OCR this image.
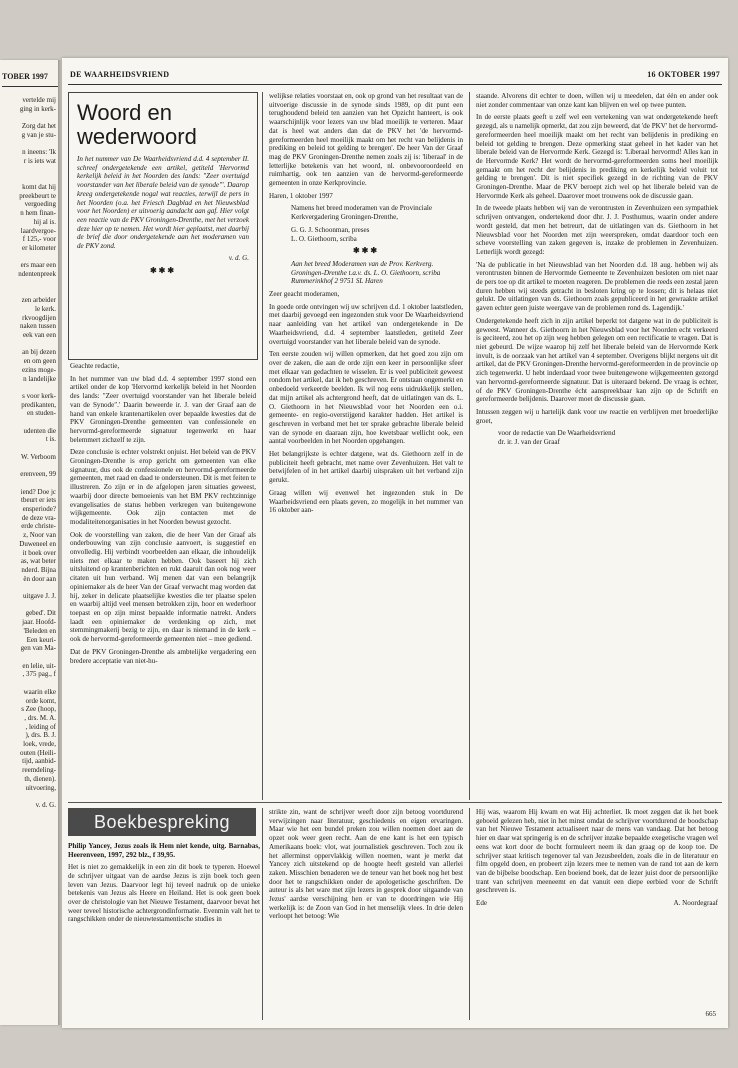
TOBER 1997
vertelde mij
ging in kerk-

Zorg dat het
g van je stu-

n ineens: 'Ik
r is iets wat

komt dat hij
preekbeurt te
vergoeding
n hem finan-
hij al is.
laardvergoe-
f 125,- voor
er kilometer

ers maar een
ndentenpreek

zen arbeider
le kerk.
rkvoogdijen
naken tussen
eek van een

an bij dezen
en om geen
ezins moge-
n landelijke

s voor kerk-
predikanten,
en studen-

udenten die
t is.

W. Verboom

erenveen, 99

iend? Doe jc
tbeurt er iets
ensperiode?
de deze vra-
erde christe-
z, Noor van
Duweneel en
it boek over
as, wat beter
nderd. Bijna
ën door aan

uitgave J. J.

gebed'. Dit
jaar. Hoofd-
'Beleden en
Een keuri-
gen van Ma-

en lelie, uit-
, 375 pag., f

waarin elke
orde komt,
s Zee (hoop,
, drs. M. A.
, leiding of
), drs. B. J.
loek, vrede,
outen (Heili-
tijd, aanbid-
reemdeling-
th, dienen).
uitvoering,

v. d. G.
DE WAARHEIDSVRIEND	16 OKTOBER 1997
Woord en wederwoord
In het nummer van De Waarheidsvriend d.d. 4 september II. schreef ondergetekende een artikel, getiteld 'Hervormd kerkelijk beleid in het Noorden des lands: "Zeer overtuigd voorstander van het liberale beleid van de synode"'. Daarop kreeg ondergetekende nogal wat reacties, terwijl de pers in het Noorden (o.a. het Friesch Dagblad en het Nieuwsblad voor het Noorden) er uitvoerig aandacht aan gaf. Hier volgt een reactie van de PKV Groningen-Drenthe, met het verzoek deze hier op te nemen. Het wordt hier geplaatst, met daarbij de brief die door ondergetekende aan het moderamen van de PKV zond.
v. d. G.
✱✱✱

Geachte redactie,

In het nummer van uw blad d.d. 4 september 1997 stond een artikel onder de kop 'Hervormd kerkelijk beleid in het Noorden des lands: "Zeer overtuigd voorstander van het liberale beleid van de Synode".' Daarin beweerde ir. J. van der Graaf aan de hand van enkele krantenartikelen over bepaalde kwesties dat de PKV Groningen-Drenthe gemeenten van confessionele en hervormd-gereformeerde signatuur tegenwerkt en haar belemmert zichzelf te zijn.

Deze conclusie is echter volstrekt onjuist. Het beleid van de PKV Groningen-Drenthe is erop gericht om gemeenten van elke signatuur, dus ook de confessionele en hervormd-gereformeerde gemeenten, met raad en daad te ondersteunen. Dit is met feiten te illustreren. Zo zijn er in de afgelopen jaren situaties geweest, waarbij door directe bemoeienis van het BM PKV rechtzinnige evangelisaties de status hebben verkregen van buitengewone wijkgemeente. Ook zijn contacten met de modaliteitenorganisaties in het Noorden bewust gezocht.

Ook de voorstelling van zaken, die de heer Van der Graaf als onderbouwing van zijn conclusie aanvoert, is suggestief en onvolledig. Hij verbindt voorbeelden aan elkaar, die inhoudelijk niets met elkaar te maken hebben. Ook baseert hij zich uitsluitend op krantenberichten en rukt daaruit dan ook nog weer citaten uit hun verband. Wij menen dat van een belangrijk opiniemaker als de heer Van der Graaf verwacht mag worden dat hij, zeker in delicate plaatselijke kwesties die ter plaatse spelen en waarbij altijd veel mensen betrokken zijn, hoor en wederhoor toepast en op zijn minst bepaalde informatie natrekt. Anders laadt een opiniemaker de verdenking op zich, met stemmingmakerij bezig te zijn, en daar is niemand in de kerk – ook de hervormd-gereformeerde gemeenten niet – mee gediend.

Dat de PKV Groningen-Drenthe als ambtelijke vergadering een bredere acceptatie van niet-hu-

welijkse relaties voorstaat en, ook op grond van het resultaat van de uitvoerige discussie in de synode sinds 1989, op dit punt een terughoudend beleid ten aanzien van het Opzicht hanteert, is ook waarschijnlijk voor lezers van uw blad moeilijk te verteren. Maar dat is heel wat anders dan dat de PKV het 'de hervormd-gereformeerden heel moeilijk maakt om het recht van belijdenis in prediking en beleid tot gelding te brengen'. De heer Van der Graaf mag de PKV Groningen-Drenthe nemen zoals zij is: 'liberaal' in de letterlijke betekenis van het woord, nl. onbevooroordeeld en ruimhartig, ook ten aanzien van de hervormd-gereformeerde gemeenten in onze Kerkprovincie.

Haren, 1 oktober 1997

Namens het breed moderamen van de Provinciale Kerkvergadering Groningen-Drenthe,

G. G. J. Schoonman, preses
L. O. Giethoorn, scriba

✱✱✱

Aan het breed Moderamen van de Prov. Kerkverg. Groningen-Drenthe t.a.v. ds. L. O. Giethoorn, scriba Rummerinkhof 2 9751 SL Haren

Zeer geacht moderamen,

In goede orde ontvingen wij uw schrijven d.d. 1 oktober laatstleden, met daarbij gevoegd een ingezonden stuk voor De Waarheidsvriend naar aanleiding van het artikel van ondergetekende in De Waarheidsvriend, d.d. 4 september laatstleden, getiteld Zeer overtuigd voorstander van het liberale beleid van de synode.

Ten eerste zouden wij willen opmerken, dat het goed zou zijn om over de zaken, die aan de orde zijn een keer in persoonlijke sfeer met elkaar van gedachten te wisselen. Er is veel publiciteit geweest rondom het artikel, dat ik heb geschreven. Er ontstaan ongemerkt en onbedoeld verkeerde beelden. Ik wil nog eens uidrukkelijk stellen, dat mijn artikel als achtergrond heeft, dat de uitlatingen van ds. L. O. Giethoorn in het Nieuwsblad voor het Noorden een o.i. gemeente- en regio-overstijgend karakter hadden. Het artikel is geschreven in verband met het ter sprake gebrachte liberale beleid van de synode en daaraan zijn, hoe kwetsbaar wellicht ook, een aantal voorbeelden in het Noorden opgehangen.

Het belangrijkste is echter datgene, wat ds. Giethoorn zelf in de publiciteit heeft gebracht, met name over Zevenhuizen. Het valt te betwijfelen of in het artikel daarbij uitspraken uit het verband zijn gerukt.

Graag willen wij evenwel het ingezonden stuk in De Waarheidsvriend een plaats geven, zo mogelijk in het nummer van 16 oktober aan-

staande. Alvorens dit echter te doen, willen wij u meedelen, dat één en ander ook niet zonder commentaar van onze kant kan blijven en wel op twee punten.

In de eerste plaats geeft u zelf wel een vertekening van wat ondergetekende heeft gezegd, als u namelijk opmerkt, dat zou zijn beweerd, dat 'de PKV' het de hervormd-gereformeerden heel moeilijk maakt om het recht van belijdenis in prediking en beleid tot gelding te brengen. Deze opmerking staat geheel in het kader van het liberale beleid van de Hervormde Kerk. Gezegd is: 'Liberaal hervormd! Alles kan in de Hervormde Kerk? Het wordt de hervormd-gereformeerden soms heel moeilijk gemaakt om het recht der belijdenis in prediking en kerkelijk beleid voluit tot gelding te brengen'. Dit is niet specifiek gezegd in de richting van de PKV Groningen-Drenthe. Maar de PKV beroept zich wel op het liberale beleid van de Hervormde Kerk als geheel. Daarover moet trouwens ook de discussie gaan.

In de tweede plaats hebben wij van de verontrusten in Zevenhuizen een sympathiek schrijven ontvangen, ondertekend door dhr. J. J. Posthumus, waarin onder andere wordt gesteld, dat men het betreurt, dat de uitlatingen van ds. Giethoorn in het Nieuwsblad voor het Noorden met zijn weerspreken, omdat daardoor toch een scheve voorstelling van zaken gegeven is, inzake de problemen in Zevenhuizen. Letterlijk wordt gezegd:

'Na de publicatie in het Nieuwsblad van het Noorden d.d. 18 aug. hebben wij als verontrusten binnen de Hervormde Gemeente te Zevenhuizen besloten om niet naar de pers toe op dit artikel te moeten reageren. De problemen die reeds een zestal jaren duren hebben wij steeds getracht in besloten kring op te lossen; dit is helaas niet gelukt. De uitlatingen van ds. Giethoorn zoals gepubliceerd in het gewraakte artikel gaven echter geen juiste weergave van de problemen rond ds. Lagendijk.'

Ondergetekende heeft zich in zijn artikel beperkt tot datgene wat in de publiciteit is geweest. Wanneer ds. Giethoorn in het Nieuwsblad voor het Noorden echt verkeerd is geciteerd, zou het op zijn weg hebben gelegen om een rectificatie te vragen. Dat is niet gebeurd. De wijze waarop hij zelf het liberale beleid van de Hervormde Kerk invult, is de oorzaak van het artikel van 4 september. Overigens blijkt nergens uit dit artikel, dat de PKV Groningen-Drenthe hervormd-gereformeerden in de provincie op zich tegenwerkt. U hebt inderdaad voor twee buitengewone wijkgemeenten gezorgd van hervormd-gereformeerde signatuur. Dat is uiteraard bekend. De vraag is echter, of de PKV Groningen-Drenthe écht aanspreekbaar kan zijn op de Schrift en gereformeerde belijdenis. Daarover moet de discussie gaan.

Intussen zeggen wij u hartelijk dank voor uw reactie en verblijven met broederlijke groet,

voor de redactie van De Waarheidsvriend
dr. ir. J. van der Graaf

Boekbespreking

Philip Yancey, Jezus zoals ik Hem niet kende, uitg. Barnabas, Heerenveen, 1997, 292 blz., f 39,95.

Het is niet zo gemakkelijk in een zin dit boek te typeren. Hoewel de schrijver uitgaat van de aardse Jezus is zijn boek toch geen leven van Jezus. Daarvoor legt hij teveel nadruk op de unieke betekenis van Jezus als Heere en Heiland. Het is ook geen boek over de christologie van het Nieuwe Testament, daarvoor bevat het weer teveel historische achtergrondinformatie. Evenmin valt het te rangschikken onder de nieuwtestamentische studies in

strikte zin, want de schrijver weeft door zijn betoog voortdurend verwijzingen naar literatuur, geschiedenis en eigen ervaringen. Maar wie het een bundel preken zou willen noemen doet aan de opzet ook weer geen recht. Aan de ene kant is het een typisch Amerikaans boek: vlot, wat journalistiek geschreven. Toch zou ik het allerminst oppervlakkig willen noemen, want je merkt dat Yancey zich uitstekend op de hoogte heeft gesteld van allerlei zaken. Misschien benaderen we de teneur van het boek nog het best door het te rangschikken onder de apologetische geschriften. De auteur is als het ware met zijn lezers in gesprek door uitgaande van Jezus' aardse verschijning hen er van te doordringen wie Hij werkelijk is: de Zoon van God in het menselijk vlees. In drie delen verloopt het betoog: Wie

Hij was, waarom Hij kwam en wat Hij achterliet. Ik moet zeggen dat ik het boek geboeid gelezen heb, niet in het minst omdat de schrijver voortdurend de boodschap van het Nieuwe Testament actualiseert naar de mens van vandaag. Dat het betoog hier en daar wat springerig is en de schrijver inzake bepaalde exegetische vragen wel eens wat kort door de bocht formuleert neem ik dan graag op de koop toe. De schrijver staat kritisch tegenover tal van Jezusbeelden, zoals die in de literatuur en film opgeld doen, en probeert zijn lezers mee te nemen van de rand tot aan de kern van de bijbelse boodschap. Een boeiend boek, dat de lezer juist door de persoonlijke trant van schrijven meeneemt en dat vanuit een diepe eerbied voor de Schrift geschreven is.

Ede	A. Noordegraaf
665
